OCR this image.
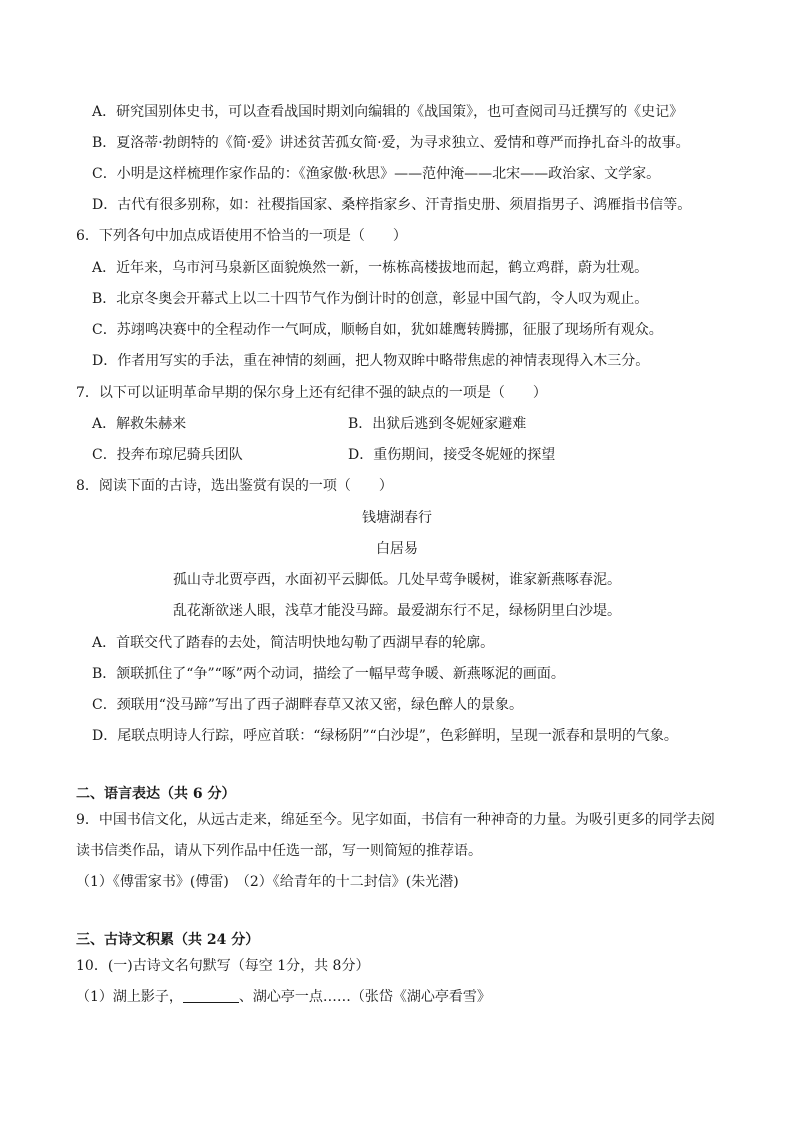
A．研究国别体史书，可以查看战国时期刘向编辑的《战国策》，也可查阅司马迁撰写的《史记》
B．夏洛蒂·勃朗特的《简·爱》讲述贫苦孤女简·爱，为寻求独立、爱情和尊严而挣扎奋斗的故事。
C．小明是这样梳理作家作品的：《渔家傲·秋思》——范仲淹——北宋——政治家、文学家。
D．古代有很多别称，如：社稷指国家、桑梓指家乡、汗青指史册、须眉指男子、鸿雁指书信等。
6．下列各句中加点成语使用不恰当的一项是（　　）
A．近年来，乌市河马泉新区面貌焕然一新，一栋栋高楼拔地而起，鹤立鸡群，蔚为壮观。
B．北京冬奥会开幕式上以二十四节气作为倒计时的创意，彰显中国气韵，令人叹为观止。
C．苏翊鸣决赛中的全程动作一气呵成，顺畅自如，犹如雄鹰转腾挪，征服了现场所有观众。
D．作者用写实的手法，重在神情的刻画，把人物双眸中略带焦虑的神情表现得入木三分。
7．以下可以证明革命早期的保尔身上还有纪律不强的缺点的一项是（　　）
A．解救朱赫来	B．出狱后逃到冬妮娅家避难
C．投奔布琼尼骑兵团队	D．重伤期间，接受冬妮娅的探望
8．阅读下面的古诗，选出鉴赏有误的一项（　　）
钱塘湖春行
白居易
孤山寺北贾亭西，水面初平云脚低。几处早莺争暖树，谁家新燕啄春泥。
乱花渐欲迷人眼，浅草才能没马蹄。最爱湖东行不足，绿杨阴里白沙堤。
A．首联交代了踏春的去处，简洁明快地勾勒了西湖早春的轮廓。
B．颔联抓住了“争”“啄”两个动词，描绘了一幅早莺争暖、新燕啄泥的画面。
C．颈联用“没马蹄”写出了西子湖畔春草又浓又密，绿色醉人的景象。
D．尾联点明诗人行踪，呼应首联：“绿杨阴”“白沙堤”，色彩鲜明，呈现一派春和景明的气象。
二、语言表达（共 6 分）
9．中国书信文化，从远古走来，绵延至今。见字如面，书信有一种神奇的力量。为吸引更多的同学去阅
读书信类作品，请从下列作品中任选一部，写一则简短的推荐语。
（1）《傅雷家书》(傅雷)　（2）《给青年的十二封信》(朱光潜)
三、古诗文积累（共 24 分）
10．(一)古诗文名句默写（每空 1分，共 8分）
（1）湖上影子，	、湖心亭一点……（张岱《湖心亭看雪》
